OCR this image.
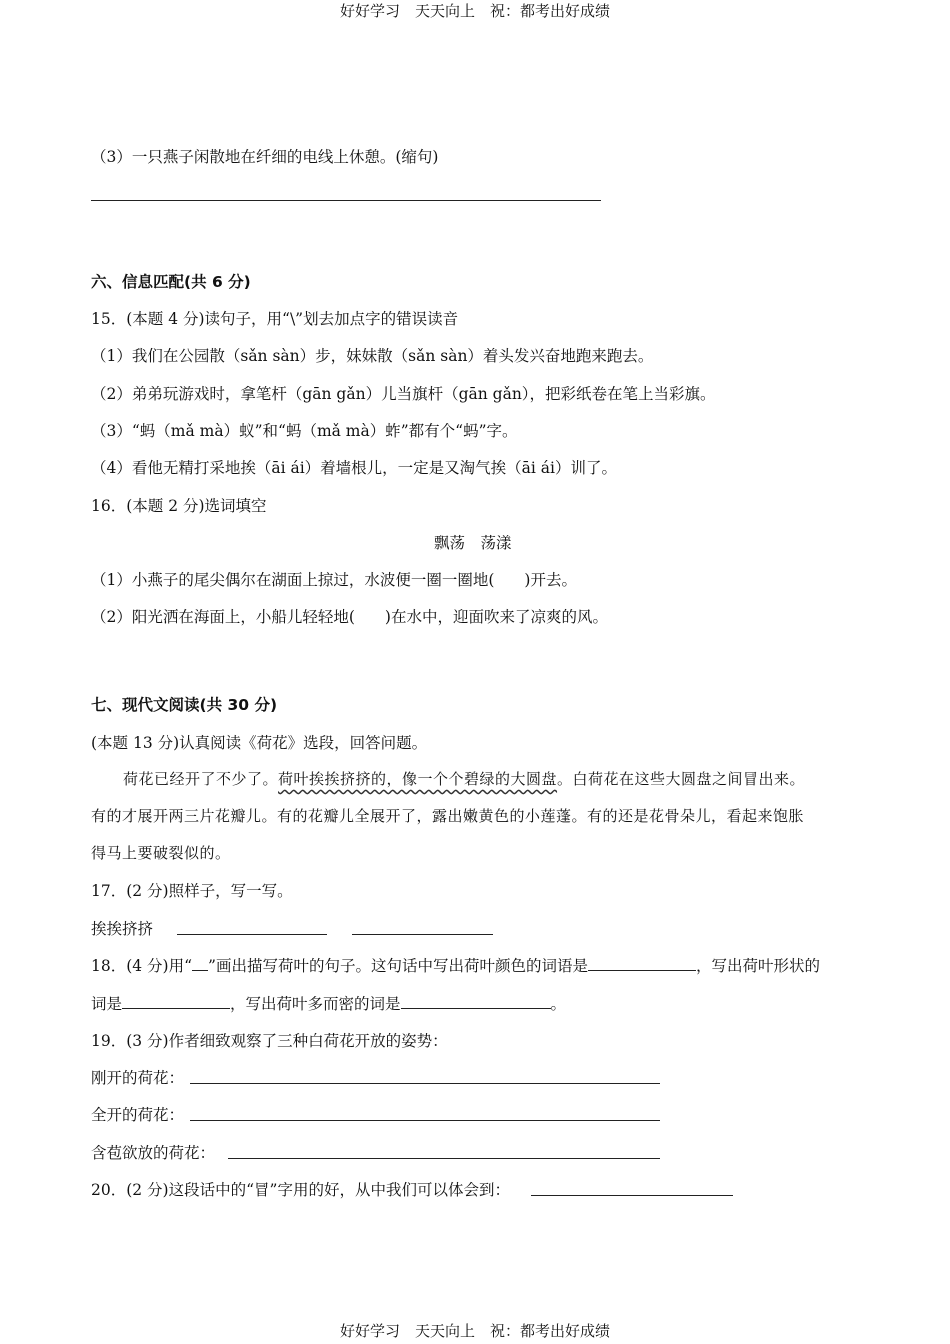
好好学习　天天向上　祝：都考出好成绩
（3）一只燕子闲散地在纤细的电线上休憩。(缩句)
六、信息匹配(共 6 分)
15．(本题 4 分)读句子，用“\”划去加点字的错误读音
（1）我们在公园散（sǎn sàn）步，妹妹散（sǎn sàn）着头发兴奋地跑来跑去。
（2）弟弟玩游戏时，拿笔杆（gān gǎn）儿当旗杆（gān gǎn），把彩纸卷在笔上当彩旗。
（3）“蚂（mǎ mà）蚁”和“蚂（mǎ mà）蚱”都有个“蚂”字。
（4）看他无精打采地挨（āi ái）着墙根儿，一定是又淘气挨（āi ái）训了。
16．(本题 2 分)选词填空
飘荡　荡漾
（1）小燕子的尾尖偶尔在湖面上掠过，水波便一圈一圈地( )开去。
（2）阳光洒在海面上，小船儿轻轻地( )在水中，迎面吹来了凉爽的风。
七、现代文阅读(共 30 分)
(本题 13 分)认真阅读《荷花》选段，回答问题。
荷花已经开了不少了。荷叶挨挨挤挤的，像一个个碧绿的大圆盘。白荷花在这些大圆盘之间冒出来。
有的才展开两三片花瓣儿。有的花瓣儿全展开了，露出嫩黄色的小莲蓬。有的还是花骨朵儿，看起来饱胀
得马上要破裂似的。
17．(2 分)照样子，写一写。
挨挨挤挤
18．(4 分)用“ ”画出描写荷叶的句子。这句话中写出荷叶颜色的词语是	，写出荷叶形状的
词是	，写出荷叶多而密的词是	。
19．(3 分)作者细致观察了三种白荷花开放的姿势：
刚开的荷花：
全开的荷花：
含苞欲放的荷花：
20．(2 分)这段话中的“冒”字用的好，从中我们可以体会到：
好好学习　天天向上　祝：都考出好成绩
